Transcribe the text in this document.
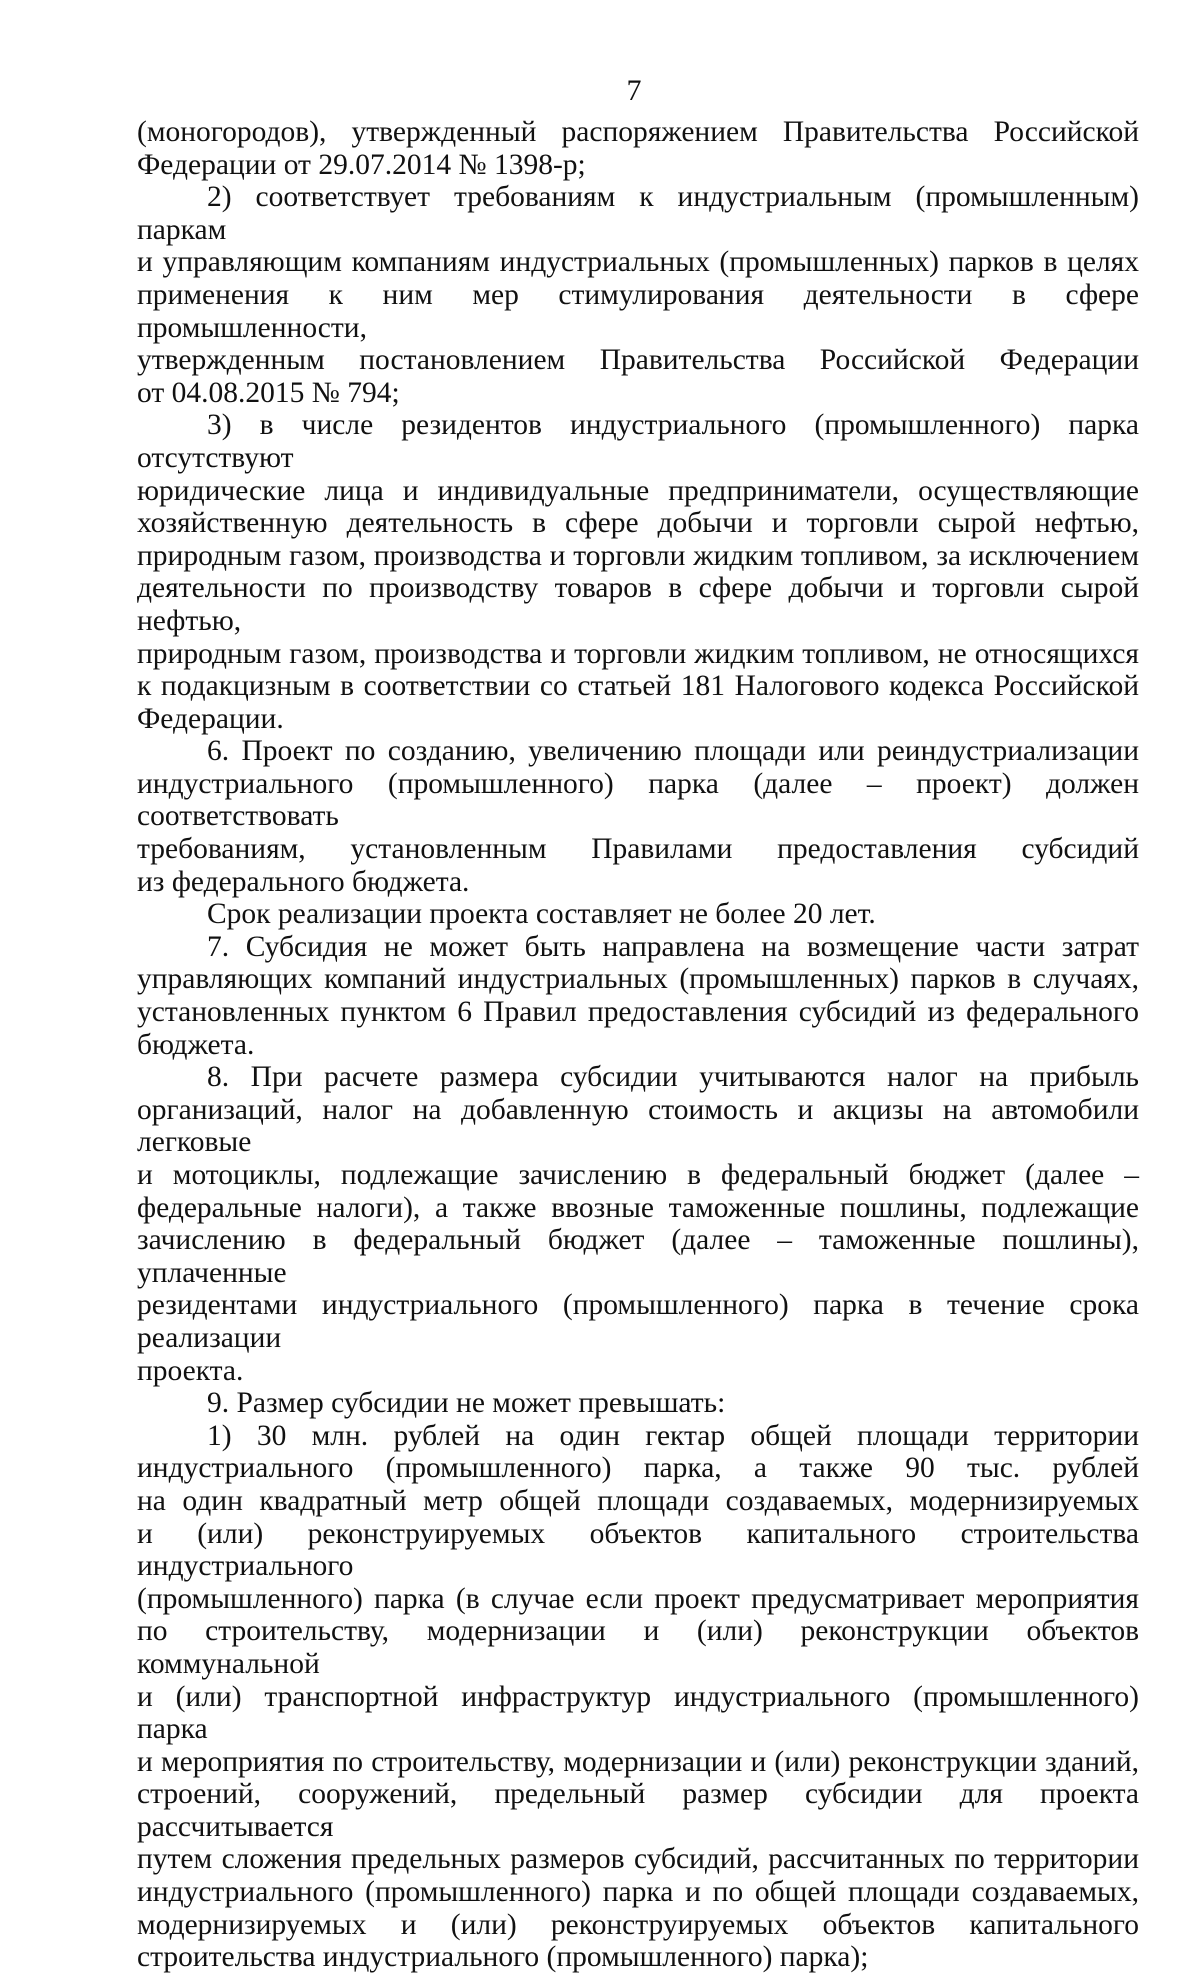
7

(моногородов), утвержденный распоряжением Правительства Российской

Федерации от 29.07.2014 № 1398-р;

2) соответствует требованиям к индустриальным (промышленным) паркам

и управляющим компаниям индустриальных (промышленных) парков в целях

применения к ним мер стимулирования деятельности в сфере промышленности,

утвержденным постановлением Правительства Российской Федерации

от 04.08.2015 № 794;

3) в числе резидентов индустриального (промышленного) парка отсутствуют

юридические лица и индивидуальные предприниматели, осуществляющие

хозяйственную деятельность в сфере добычи и торговли сырой нефтью,

природным газом, производства и торговли жидким топливом, за исключением

деятельности по производству товаров в сфере добычи и торговли сырой нефтью,

природным газом, производства и торговли жидким топливом, не относящихся

к подакцизным в соответствии со статьей 181 Налогового кодекса Российской

Федерации.

6. Проект по созданию, увеличению площади или реиндустриализации

индустриального (промышленного) парка (далее – проект) должен соответствовать

требованиям, установленным Правилами предоставления субсидий

из федерального бюджета.

Срок реализации проекта составляет не более 20 лет.

7. Субсидия не может быть направлена на возмещение части затрат

управляющих компаний индустриальных (промышленных) парков в случаях,

установленных пунктом 6 Правил предоставления субсидий из федерального

бюджета.

8. При расчете размера субсидии учитываются налог на прибыль

организаций, налог на добавленную стоимость и акцизы на автомобили легковые

и мотоциклы, подлежащие зачислению в федеральный бюджет (далее –

федеральные налоги), а также ввозные таможенные пошлины, подлежащие

зачислению в федеральный бюджет (далее – таможенные пошлины), уплаченные

резидентами индустриального (промышленного) парка в течение срока реализации

проекта.

9. Размер субсидии не может превышать:

1) 30 млн. рублей на один гектар общей площади территории

индустриального (промышленного) парка, а также 90 тыс. рублей

на один квадратный метр общей площади создаваемых, модернизируемых

и (или) реконструируемых объектов капитального строительства индустриального

(промышленного) парка (в случае если проект предусматривает мероприятия

по строительству, модернизации и (или) реконструкции объектов коммунальной

и (или) транспортной инфраструктур индустриального (промышленного) парка

и мероприятия по строительству, модернизации и (или) реконструкции зданий,

строений, сооружений, предельный размер субсидии для проекта рассчитывается

путем сложения предельных размеров субсидий, рассчитанных по территории

индустриального (промышленного) парка и по общей площади создаваемых,

модернизируемых и (или) реконструируемых объектов капитального

строительства индустриального (промышленного) парка);
